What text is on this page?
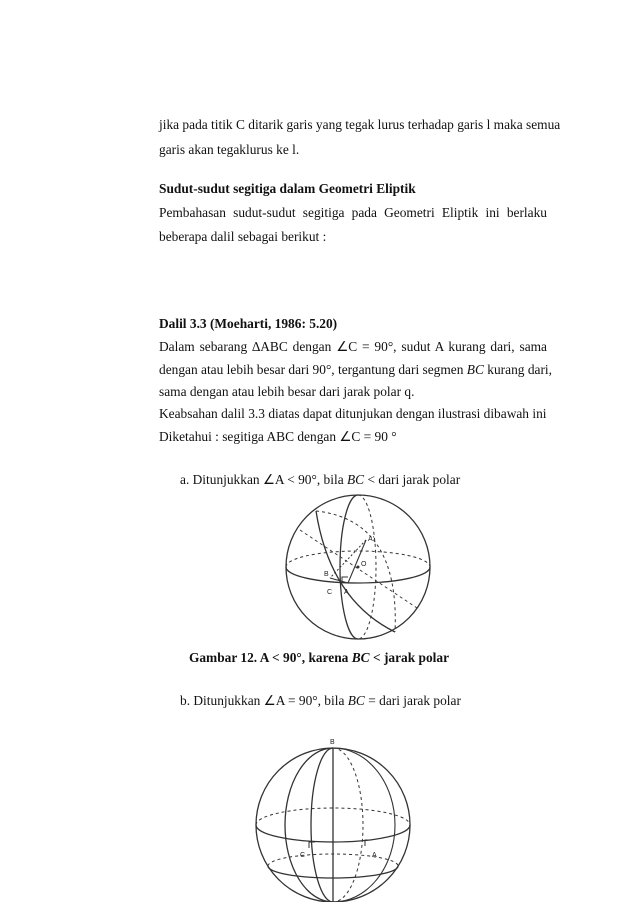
jika pada titik C ditarik garis yang tegak lurus terhadap garis l maka semua
garis akan tegaklurus ke l.
Sudut-sudut segitiga dalam Geometri Eliptik
Pembahasan sudut-sudut segitiga pada Geometri Eliptik ini berlaku
beberapa dalil sebagai berikut :
Dalil 3.3 (Moeharti, 1986: 5.20)
Dalam sebarang ∆ABC dengan ∠C = 90°, sudut A kurang dari, sama
dengan atau lebih besar dari 90°, tergantung dari segmen BC kurang dari,
sama dengan atau lebih besar dari jarak polar q.
Keabsahan dalil 3.3 diatas dapat ditunjukan dengan ilustrasi dibawah ini
Diketahui : segitiga ABC dengan ∠C = 90 °
a. Ditunjukkan ∠A < 90°, bila BC < dari jarak polar
A'
O
B
C A
Gambar 12. A < 90°, karena BC < jarak polar
b. Ditunjukkan ∠A = 90°, bila BC = dari jarak polar
B
C	A
